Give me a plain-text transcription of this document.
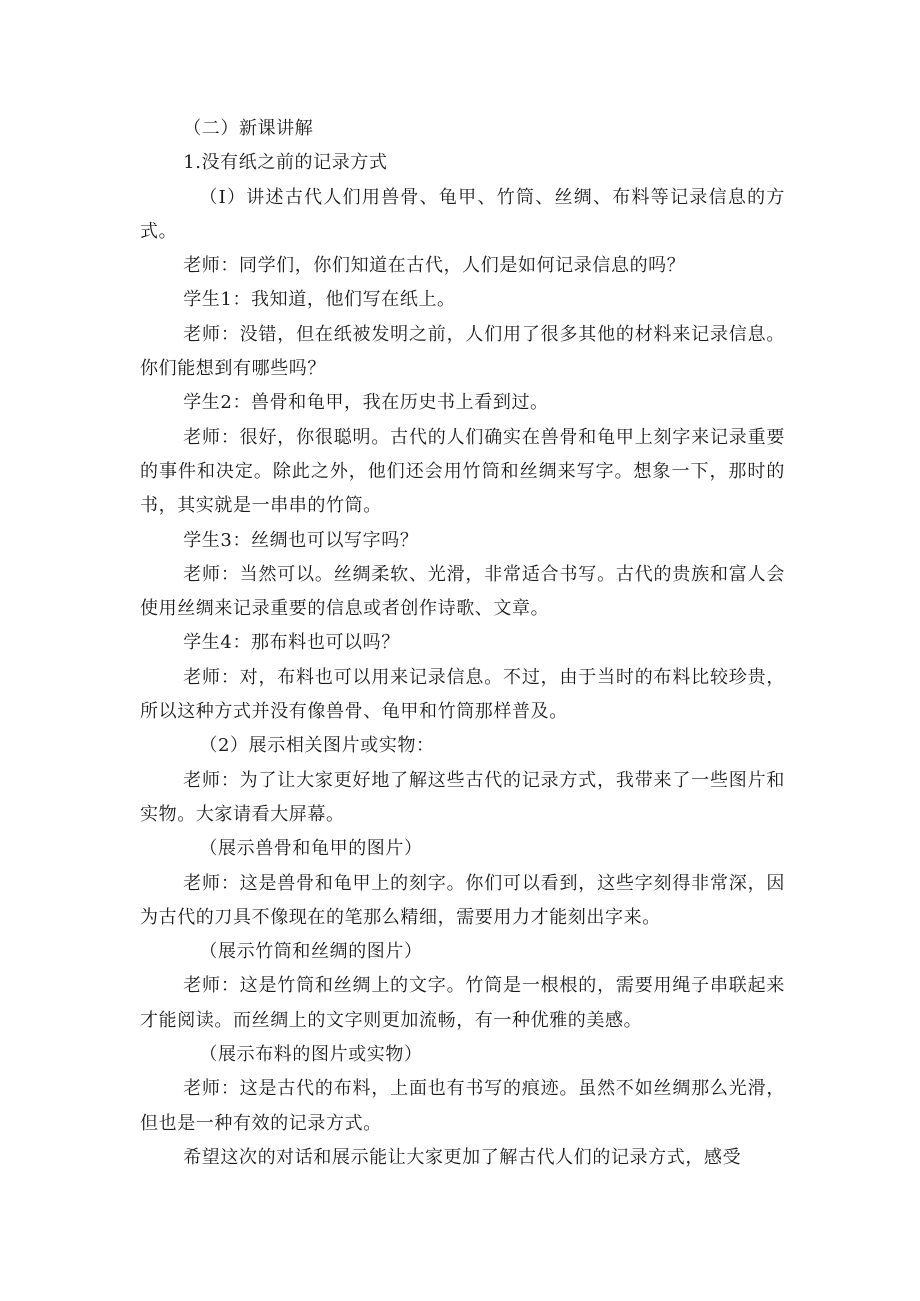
（二）新课讲解

1.没有纸之前的记录方式

（I）讲述古代人们用兽骨、龟甲、竹筒、丝绸、布料等记录信息的方式。

老师：同学们，你们知道在古代，人们是如何记录信息的吗？

学生1：我知道，他们写在纸上。

老师：没错，但在纸被发明之前，人们用了很多其他的材料来记录信息。你们能想到有哪些吗？

学生2：兽骨和龟甲，我在历史书上看到过。

老师：很好，你很聪明。古代的人们确实在兽骨和龟甲上刻字来记录重要的事件和决定。除此之外，他们还会用竹筒和丝绸来写字。想象一下，那时的书，其实就是一串串的竹筒。

学生3：丝绸也可以写字吗？

老师：当然可以。丝绸柔软、光滑，非常适合书写。古代的贵族和富人会使用丝绸来记录重要的信息或者创作诗歌、文章。

学生4：那布料也可以吗？

老师：对，布料也可以用来记录信息。不过，由于当时的布料比较珍贵，所以这种方式并没有像兽骨、龟甲和竹筒那样普及。

（2）展示相关图片或实物：

老师：为了让大家更好地了解这些古代的记录方式，我带来了一些图片和实物。大家请看大屏幕。

（展示兽骨和龟甲的图片）

老师：这是兽骨和龟甲上的刻字。你们可以看到，这些字刻得非常深，因为古代的刀具不像现在的笔那么精细，需要用力才能刻出字来。

（展示竹筒和丝绸的图片）

老师：这是竹筒和丝绸上的文字。竹筒是一根根的，需要用绳子串联起来才能阅读。而丝绸上的文字则更加流畅，有一种优雅的美感。

（展示布料的图片或实物）

老师：这是古代的布料，上面也有书写的痕迹。虽然不如丝绸那么光滑，但也是一种有效的记录方式。

希望这次的对话和展示能让大家更加了解古代人们的记录方式，感受
